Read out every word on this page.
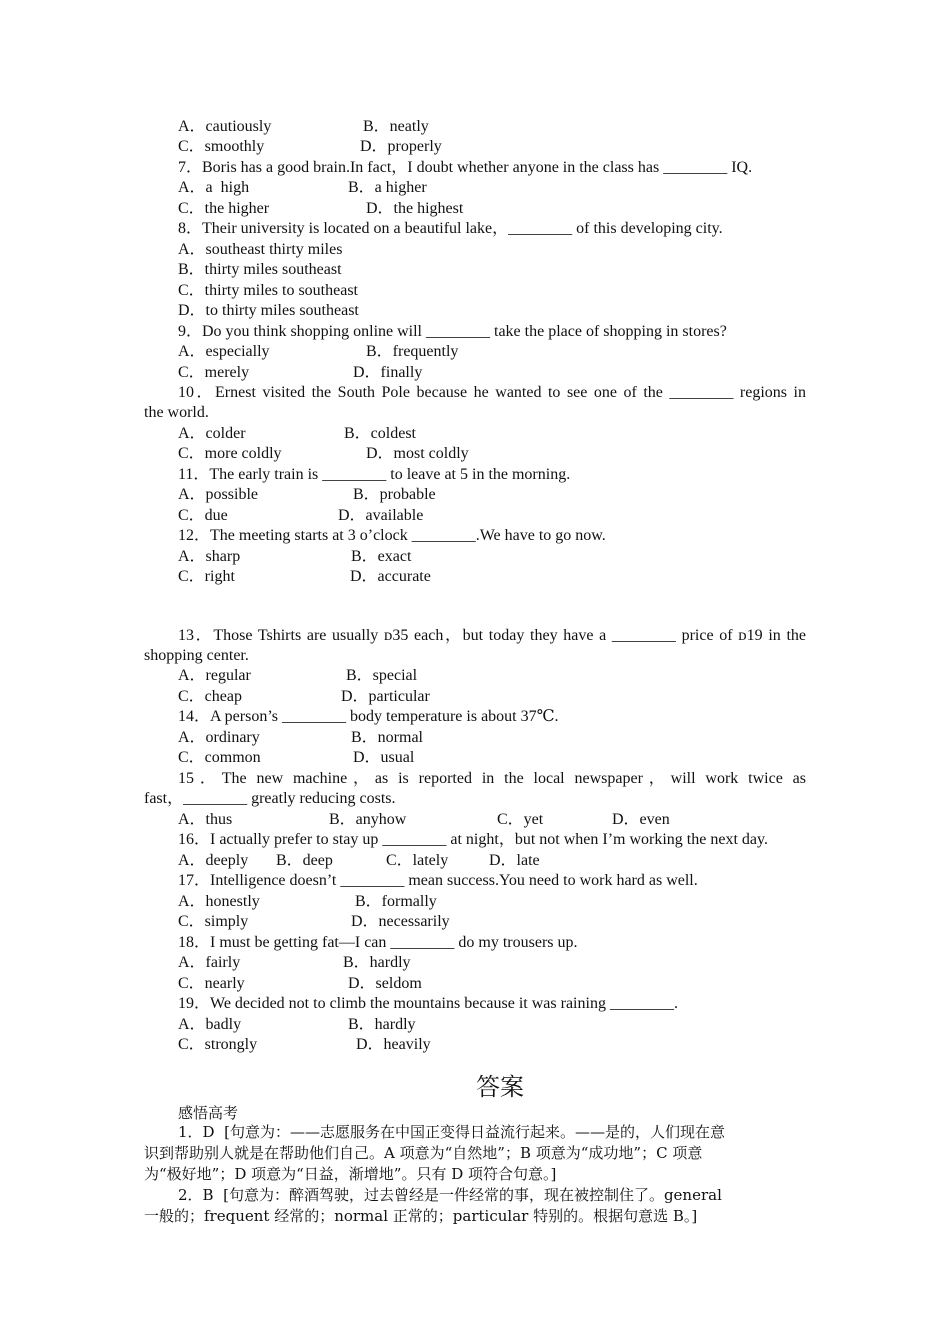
A．cautiously	B．neatly
C．smoothly	D．properly
7．Boris has a good brain.In fact，I doubt whether anyone in the class has ________ IQ.
A．a  high	B．a higher
C．the higher	D．the highest
8．Their university is located on a beautiful lake，________ of this developing city.
A．southeast thirty miles
B．thirty miles southeast
C．thirty miles to southeast
D．to thirty miles southeast
9．Do you think shopping online will ________ take the place of shopping in stores?
A．especially	B．frequently
C．merely	D．finally
10．Ernest visited the South Pole because he wanted to see one of the ________ regions in
the world.
A．colder	B．coldest
C．more coldly	D．most coldly
11．The early train is ________ to leave at 5 in the morning.
A．possible	B．probable
C．due	D．available
12．The meeting starts at 3 o’clock ________.We have to go now.
A．sharp	B．exact
C．right	D．accurate
13．Those Tshirts are usually ᴅ35 each，but today they have a ________ price of ᴅ19 in the
shopping center.
A．regular	B．special
C．cheap	D．particular
14．A person’s ________ body temperature is about 37℃.
A．ordinary	B．normal
C．common	D．usual
15．The new machine，as is reported in the local newspaper，will work twice as
fast，________ greatly reducing costs.
A．thus	B．anyhow	C．yet	D．even
16．I actually prefer to stay up ________ at night，but not when I’m working the next day.
A．deeply B．deep	C．lately	D．late
17．Intelligence doesn’t ________ mean success.You need to work hard as well.
A．honestly	B．formally
C．simply	D．necessarily
18．I must be getting fat—I can ________ do my trousers up.
A．fairly	B．hardly
C．nearly	D．seldom
19．We decided not to climb the mountains because it was raining ________.
A．badly	B．hardly
C．strongly	D．heavily
答案
感悟高考
1．D  [句意为：——志愿服务在中国正变得日益流行起来。——是的，人们现在意
识到帮助别人就是在帮助他们自己。A 项意为“自然地”；B 项意为“成功地”；C 项意
为“极好地”；D 项意为“日益，渐增地”。只有 D 项符合句意。]
2．B  [句意为：醉酒驾驶，过去曾经是一件经常的事，现在被控制住了。general
一般的；frequent 经常的；normal 正常的；particular 特别的。根据句意选 B。]
